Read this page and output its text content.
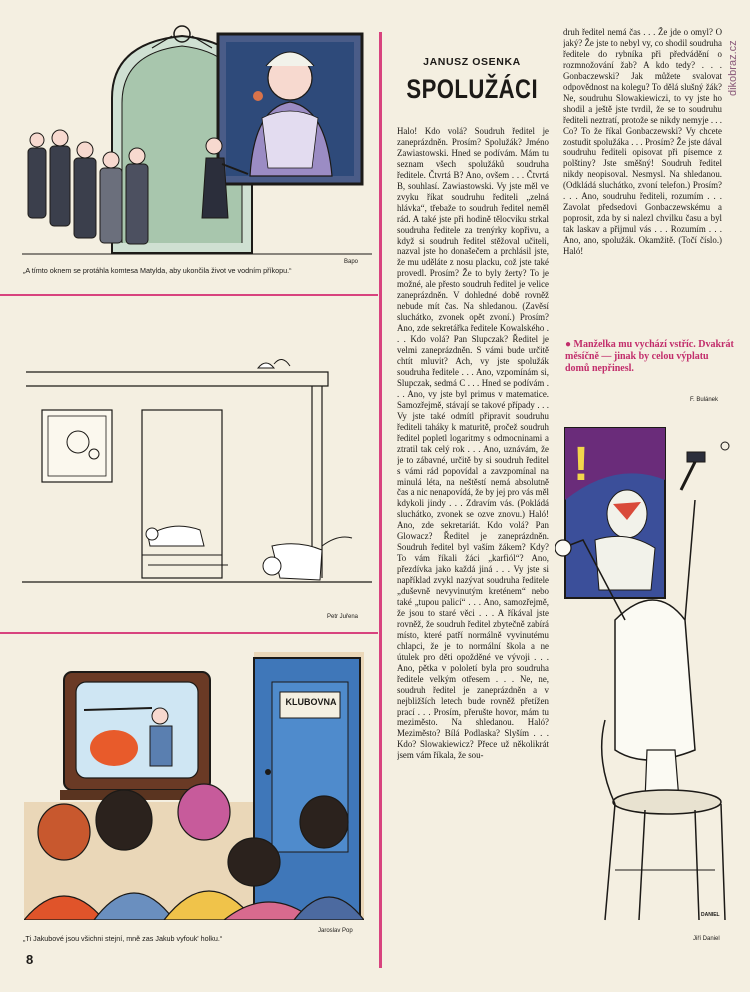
dikobraz.cz
Bapo
„A tímto oknem se protáhla komtesa Matylda, aby ukončila život ve vodním příkopu.“
Petr Juřena
KLUBOVNA
Jaroslav Pop
„Ti Jakubové jsou všichni stejní, mně zas Jakub vyfouk' holku.“
8
JANUSZ OSENKA
SPOLUŽÁCI

Halo! Kdo volá? Soudruh ředitel je zaneprázdněn. Prosím? Spolužák? Jméno Zawiastowski. Hned se podívám. Mám tu seznam všech spolužáků soudruha ředitele. Čtvrtá B? Ano, ovšem . . . Čtvrtá B, souhlasí. Zawiastowski. Vy jste měl ve zvyku říkat soudruhu řediteli „zelná hlávka“, třebaže to soudruh ředitel neměl rád. A také jste při hodině tělocviku strkal soudruha ředitele za trenýrky kopřivu, a když si soudruh ředitel stěžoval učiteli, nazval jste ho donašečem a prchlásil jste, že mu uděláte z nosu placku, což jste také provedl. Prosím? Že to byly žerty? To je možné, ale přesto soudruh ředitel je velice zaneprázdněn. V dohledné době rovněž nebude mít čas. Na shledanou. (Zavěsí sluchátko, zvonek opět zvoní.) Prosím? Ano, zde sekretářka ředitele Kowalského . . . Kdo volá? Pan Slupczak? Ředitel je velmi zaneprázdněn. S vámi bude určitě chtít mluvit? Ach, vy jste spolužák soudruha ředitele . . . Ano, vzpomínám si, Slupczak, sedmá C . . . Hned se podívám . . . Ano, vy jste byl primus v matematice. Samozřejmě, stávají se takové případy . . . Vy jste také odmítl připravit soudruhu řediteli taháky k maturitě, pročež soudruh ředitel popletl logaritmy s odmocninami a ztratil tak celý rok . . . Ano, uznávám, že je to zábavné, určitě by si soudruh ředitel s vámi rád popovídal a zavzpomínal na minulá léta, na neštěstí nemá absolutně čas a nic nenapovídá, že by jej pro vás měl kdykoli jindy . . . Zdravím vás. (Pokládá sluchátko, zvonek se ozve znovu.) Haló! Ano, zde sekretariát. Kdo volá? Pan Glowacz? Ředitel je zaneprázdněn. Soudruh ředitel byl vaším žákem? Kdy? To vám říkali žáci „karfiól“? Ano, přezdívka jako každá jiná . . . Vy jste si například zvykl nazývat soudruha ředitele „duševně nevyvinutým kreténem“ nebo také „tupou palicí“ . . . Ano, samozřejmě, že jsou to staré věci . . . A říkával jste rovněž, že soudruh ředitel zbytečně zabírá místo, které patří normálně vyvinutému chlapci, že je to normální škola a ne útulek pro děti opožděné ve vývoji . . . Ano, pětka v pololetí byla pro soudruha ředitele velkým otřesem . . . Ne, ne, soudruh ředitel je zaneprázdněn a v nejbližších letech bude rovněž přetížen prací . . . Prosím, přerušte hovor, mám tu meziměsto. Na shledanou. Haló? Meziměsto? Bílá Podlaska? Slyším . . . Kdo? Slowakiewicz? Přece už několikrát jsem vám říkala, že sou-

druh ředitel nemá čas . . . Že jde o omyl? O jaký? Že jste to nebyl vy, co shodil soudruha ředitele do rybníka při předvádění o rozmnožování žab? A kdo tedy? . . . Gonbaczewski? Jak můžete svalovat odpovědnost na kolegu? To dělá slušný žák? Ne, soudruhu Slowakiewiczi, to vy jste ho shodil a ještě jste tvrdil, že se to soudruhu řediteli neztratí, protože se nikdy nemyje . . . Co? To že říkal Gonbaczewski? Vy chcete zostudit spolužáka . . . Prosím? Že jste dával soudruhu řediteli opisovat při písemce z polštiny? Jste směšný! Soudruh ředitel nikdy neopisoval. Nesmysl. Na shledanou. (Odkládá sluchátko, zvoní telefon.) Prosím? . . . Ano, soudruhu řediteli, rozumím . . . Zavolat předsedovi Gonbaczewskému a poprosit, zda by si nalezl chvilku času a byl tak laskav a přijmul vás . . . Rozumím . . . Ano, ano, spolužák. Okamžitě. (Točí číslo.) Haló!

● Manželka mu vychází vstříc. Dvakrát měsíčně — jinak by celou výplatu domů nepřinesl.
F. Bulánek
!
DANIEL
Jiří Daniel
